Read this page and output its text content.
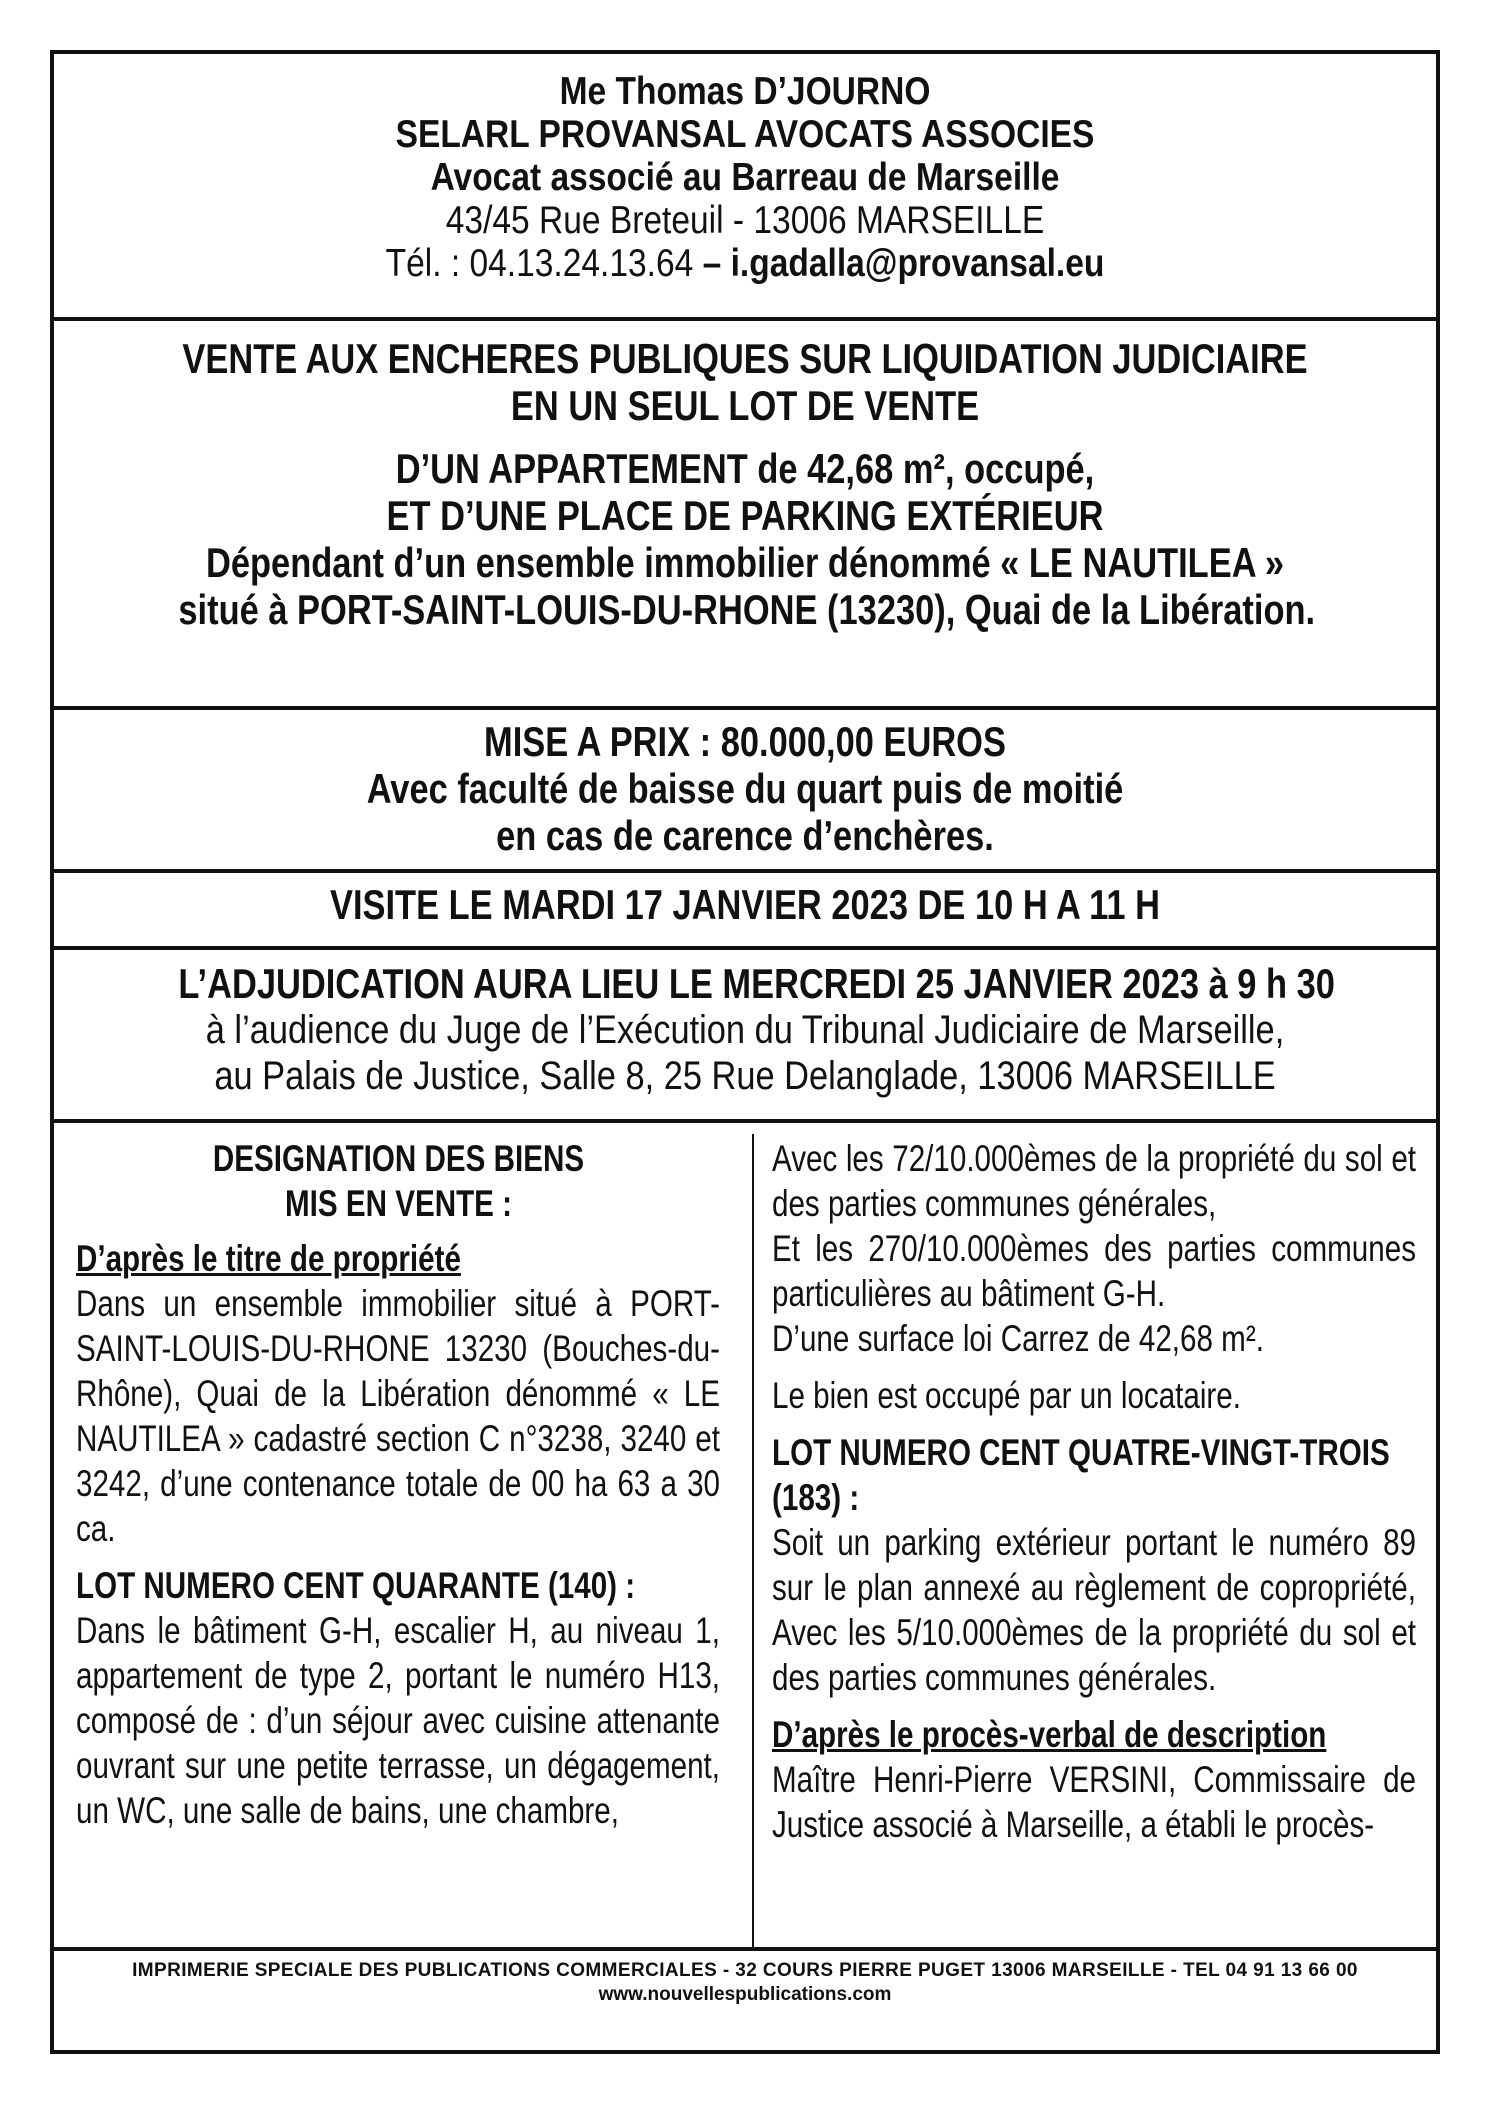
Me Thomas D’JOURNO
SELARL PROVANSAL AVOCATS ASSOCIES
Avocat associé au Barreau de Marseille
43/45 Rue Breteuil - 13006 MARSEILLE
Tél. : 04.13.24.13.64 – i.gadalla@provansal.eu
VENTE AUX ENCHERES PUBLIQUES SUR LIQUIDATION JUDICIAIRE
EN UN SEUL LOT DE VENTE
D’UN APPARTEMENT de 42,68 m², occupé,
ET D’UNE PLACE DE PARKING EXTÉRIEUR
Dépendant d’un ensemble immobilier dénommé « LE NAUTILEA »
situé à PORT-SAINT-LOUIS-DU-RHONE (13230), Quai de la Libération.
MISE A PRIX : 80.000,00 EUROS
Avec faculté de baisse du quart puis de moitié
en cas de carence d’enchères.
VISITE LE MARDI 17 JANVIER 2023 DE 10 H A 11 H
L’ADJUDICATION AURA LIEU LE MERCREDI 25 JANVIER 2023 à 9 h 30
à l’audience du Juge de l’Exécution du Tribunal Judiciaire de Marseille,
au Palais de Justice, Salle 8, 25 Rue Delanglade, 13006 MARSEILLE
DESIGNATION DES BIENS
MIS EN VENTE :
D’après le titre de propriété
Dans un ensemble immobilier situé à PORT-SAINT-LOUIS-DU-RHONE 13230 (Bouches-du-Rhône), Quai de la Libération dénommé « LE NAUTILEA » cadastré section C n°3238, 3240 et 3242, d’une contenance totale de 00 ha 63 a 30 ca.
LOT NUMERO CENT QUARANTE (140) :
Dans le bâtiment G-H, escalier H, au niveau 1, appartement de type 2, portant le numéro H13, composé de : d’un séjour avec cuisine attenante ouvrant sur une petite terrasse, un dégagement, un WC, une salle de bains, une chambre,
Avec les 72/10.000èmes de la propriété du sol et des parties communes générales,
Et les 270/10.000èmes des parties communes particulières au bâtiment G-H.
D’une surface loi Carrez de 42,68 m².
Le bien est occupé par un locataire.
LOT NUMERO CENT QUATRE-VINGT-TROIS (183) :
Soit un parking extérieur portant le numéro 89 sur le plan annexé au règlement de copropriété, Avec les 5/10.000èmes de la propriété du sol et des parties communes générales.
D’après le procès-verbal de description
Maître Henri-Pierre VERSINI, Commissaire de Justice associé à Marseille, a établi le procès-
IMPRIMERIE SPECIALE DES PUBLICATIONS COMMERCIALES - 32 COURS PIERRE PUGET 13006 MARSEILLE - TEL 04 91 13 66 00
www.nouvellespublications.com
